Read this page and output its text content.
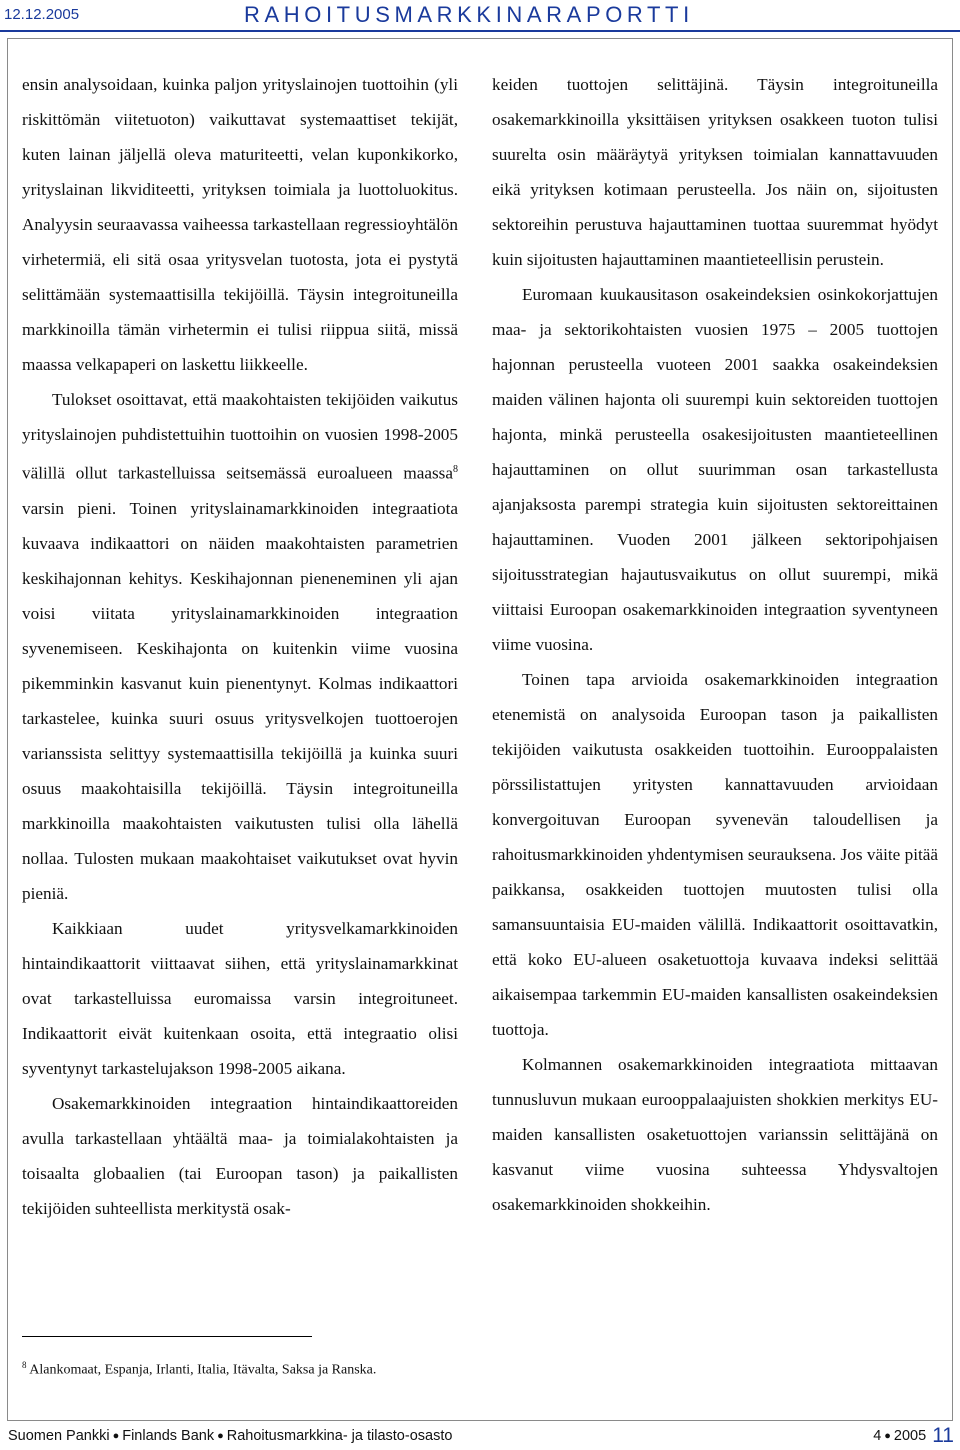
12.12.2005	RAHOITUSMARKKINARAPORTTI

ensin analysoidaan, kuinka paljon yrityslainojen tuottoihin (yli riskittömän viitetuoton) vaikuttavat systemaattiset tekijät, kuten lainan jäljellä oleva maturiteetti, velan kuponkikorko, yrityslainan likviditeetti, yrityksen toimiala ja luottoluokitus. Analyysin seuraavassa vaiheessa tarkastellaan regressioyhtälön virhetermiä, eli sitä osaa yritysvelan tuotosta, jota ei pystytä selittämään systemaattisilla tekijöillä. Täysin integroituneilla markkinoilla tämän virhetermin ei tulisi riippua siitä, missä maassa velkapaperi on laskettu liikkeelle.

Tulokset osoittavat, että maakohtaisten tekijöiden vaikutus yrityslainojen puhdistettuihin tuottoihin on vuosien 1998-2005 välillä ollut tarkastelluissa seitsemässä euroalueen maassa$^8$ varsin pieni. Toinen yrityslainamarkkinoiden integraatiota kuvaava indikaattori on näiden maakohtaisten parametrien keskihajonnan kehitys. Keskihajonnan pieneneminen yli ajan voisi viitata yrityslainamarkkinoiden integraation syvenemiseen. Keskihajonta on kuitenkin viime vuosina pikemminkin kasvanut kuin pienentynyt. Kolmas indikaattori tarkastelee, kuinka suuri osuus yritysvelkojen tuottoerojen varianssista selittyy systemaattisilla tekijöillä ja kuinka suuri osuus maakohtaisilla tekijöillä. Täysin integroituneilla markkinoilla maakohtaisten vaikutusten tulisi olla lähellä nollaa. Tulosten mukaan maakohtaiset vaikutukset ovat hyvin pieniä.

Kaikkiaan uudet yritysvelkamarkkinoiden hintaindikaattorit viittaavat siihen, että yrityslainamarkkinat ovat tarkastelluissa euromaissa varsin integroituneet. Indikaattorit eivät kuitenkaan osoita, että integraatio olisi syventynyt tarkastelujakson 1998-2005 aikana.

Osakemarkkinoiden integraation hintaindikaattoreiden avulla tarkastellaan yhtäältä maa- ja toimialakohtaisten ja toisaalta globaalien (tai Euroopan tason) ja paikallisten tekijöiden suhteellista merkitystä osak-

keiden tuottojen selittäjinä. Täysin integroituneilla osakemarkkinoilla yksittäisen yrityksen osakkeen tuoton tulisi suurelta osin määräytyä yrityksen toimialan kannattavuuden eikä yrityksen kotimaan perusteella. Jos näin on, sijoitusten sektoreihin perustuva hajauttaminen tuottaa suuremmat hyödyt kuin sijoitusten hajauttaminen maantieteellisin perustein.

Euromaan kuukausitason osakeindeksien osinkokorjattujen maa- ja sektorikohtaisten vuosien 1975 – 2005 tuottojen hajonnan perusteella vuoteen 2001 saakka osakeindeksien maiden välinen hajonta oli suurempi kuin sektoreiden tuottojen hajonta, minkä perusteella osakesijoitusten maantieteellinen hajauttaminen on ollut suurimman osan tarkastellusta ajanjaksosta parempi strategia kuin sijoitusten sektoreittainen hajauttaminen. Vuoden 2001 jälkeen sektoripohjaisen sijoitusstrategian hajautusvaikutus on ollut suurempi, mikä viittaisi Euroopan osakemarkkinoiden integraation syventyneen viime vuosina.

Toinen tapa arvioida osakemarkkinoiden integraation etenemistä on analysoida Euroopan tason ja paikallisten tekijöiden vaikutusta osakkeiden tuottoihin. Eurooppalaisten pörssilistattujen yritysten kannattavuuden arvioidaan konvergoituvan Euroopan syvenevän taloudellisen ja rahoitusmarkkinoiden yhdentymisen seurauksena. Jos väite pitää paikkansa, osakkeiden tuottojen muutosten tulisi olla samansuuntaisia EU-maiden välillä. Indikaattorit osoittavatkin, että koko EU-alueen osaketuottoja kuvaava indeksi selittää aikaisempaa tarkemmin EU-maiden kansallisten osakeindeksien tuottoja.

Kolmannen osakemarkkinoiden integraatiota mittaavan tunnusluvun mukaan eurooppalaajuisten shokkien merkitys EU-maiden kansallisten osaketuottojen varianssin selittäjänä on kasvanut viime vuosina suhteessa Yhdysvaltojen osakemarkkinoiden shokkeihin.

$^8$ Alankomaat, Espanja, Irlanti, Italia, Itävalta, Saksa ja Ranska.
Suomen Pankki ● Finlands Bank ● Rahoitusmarkkina- ja tilasto-osasto	4 ● 2005 11
